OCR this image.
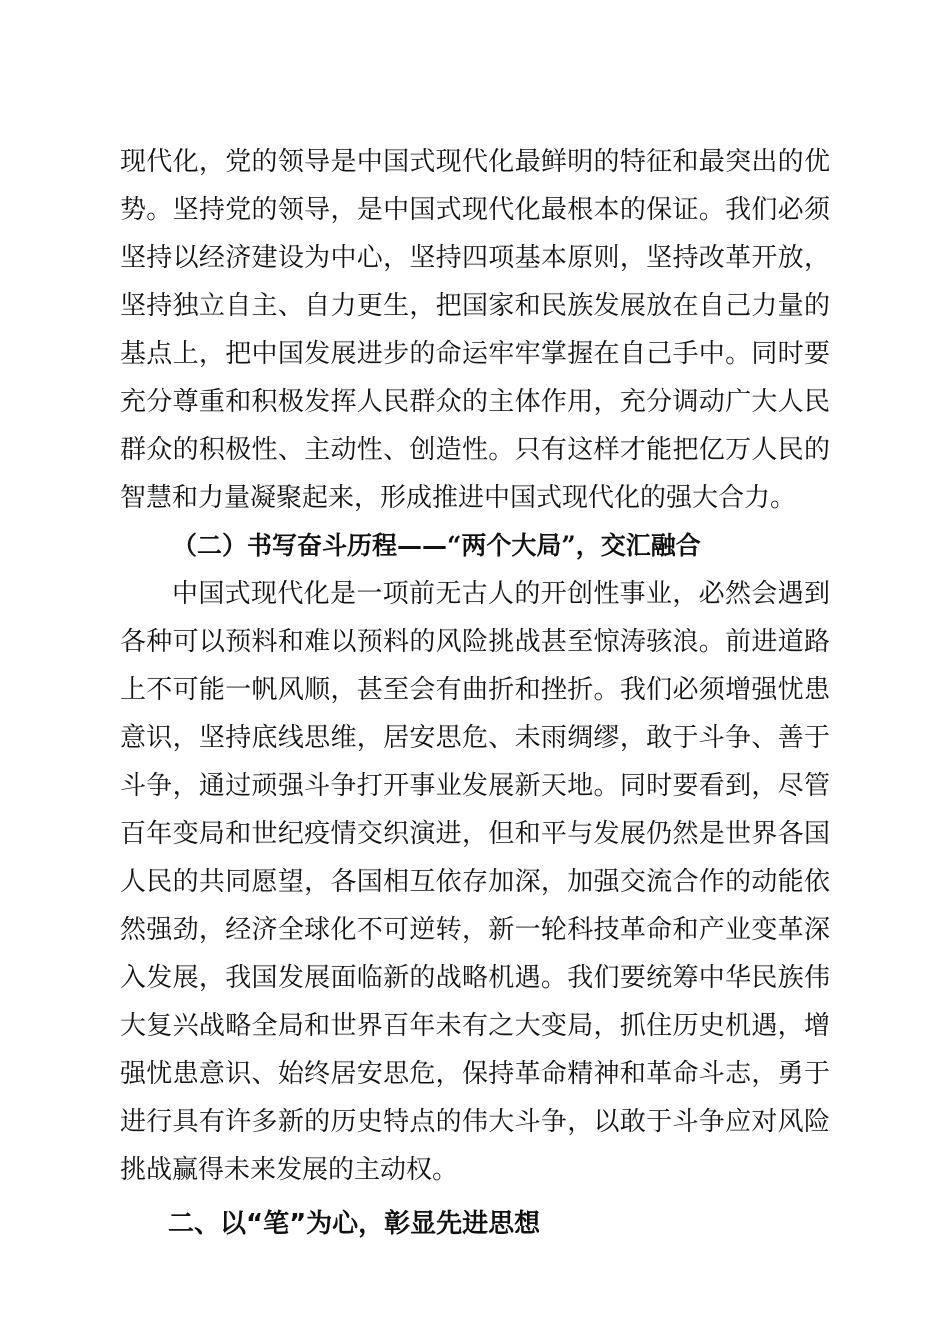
现代化，党的领导是中国式现代化最鲜明的特征和最突出的优
势。坚持党的领导，是中国式现代化最根本的保证。我们必须
坚持以经济建设为中心，坚持四项基本原则，坚持改革开放，
坚持独立自主、自力更生，把国家和民族发展放在自己力量的
基点上，把中国发展进步的命运牢牢掌握在自己手中。同时要
充分尊重和积极发挥人民群众的主体作用，充分调动广大人民
群众的积极性、主动性、创造性。只有这样才能把亿万人民的
智慧和力量凝聚起来，形成推进中国式现代化的强大合力。
（二）书写奋斗历程——“两个大局”，交汇融合
中国式现代化是一项前无古人的开创性事业，必然会遇到
各种可以预料和难以预料的风险挑战甚至惊涛骇浪。前进道路
上不可能一帆风顺，甚至会有曲折和挫折。我们必须增强忧患
意识，坚持底线思维，居安思危、未雨绸缪，敢于斗争、善于
斗争，通过顽强斗争打开事业发展新天地。同时要看到，尽管
百年变局和世纪疫情交织演进，但和平与发展仍然是世界各国
人民的共同愿望，各国相互依存加深，加强交流合作的动能依
然强劲，经济全球化不可逆转，新一轮科技革命和产业变革深
入发展，我国发展面临新的战略机遇。我们要统筹中华民族伟
大复兴战略全局和世界百年未有之大变局，抓住历史机遇，增
强忧患意识、始终居安思危，保持革命精神和革命斗志，勇于
进行具有许多新的历史特点的伟大斗争，以敢于斗争应对风险
挑战赢得未来发展的主动权。
二、以“笔”为心，彰显先进思想
